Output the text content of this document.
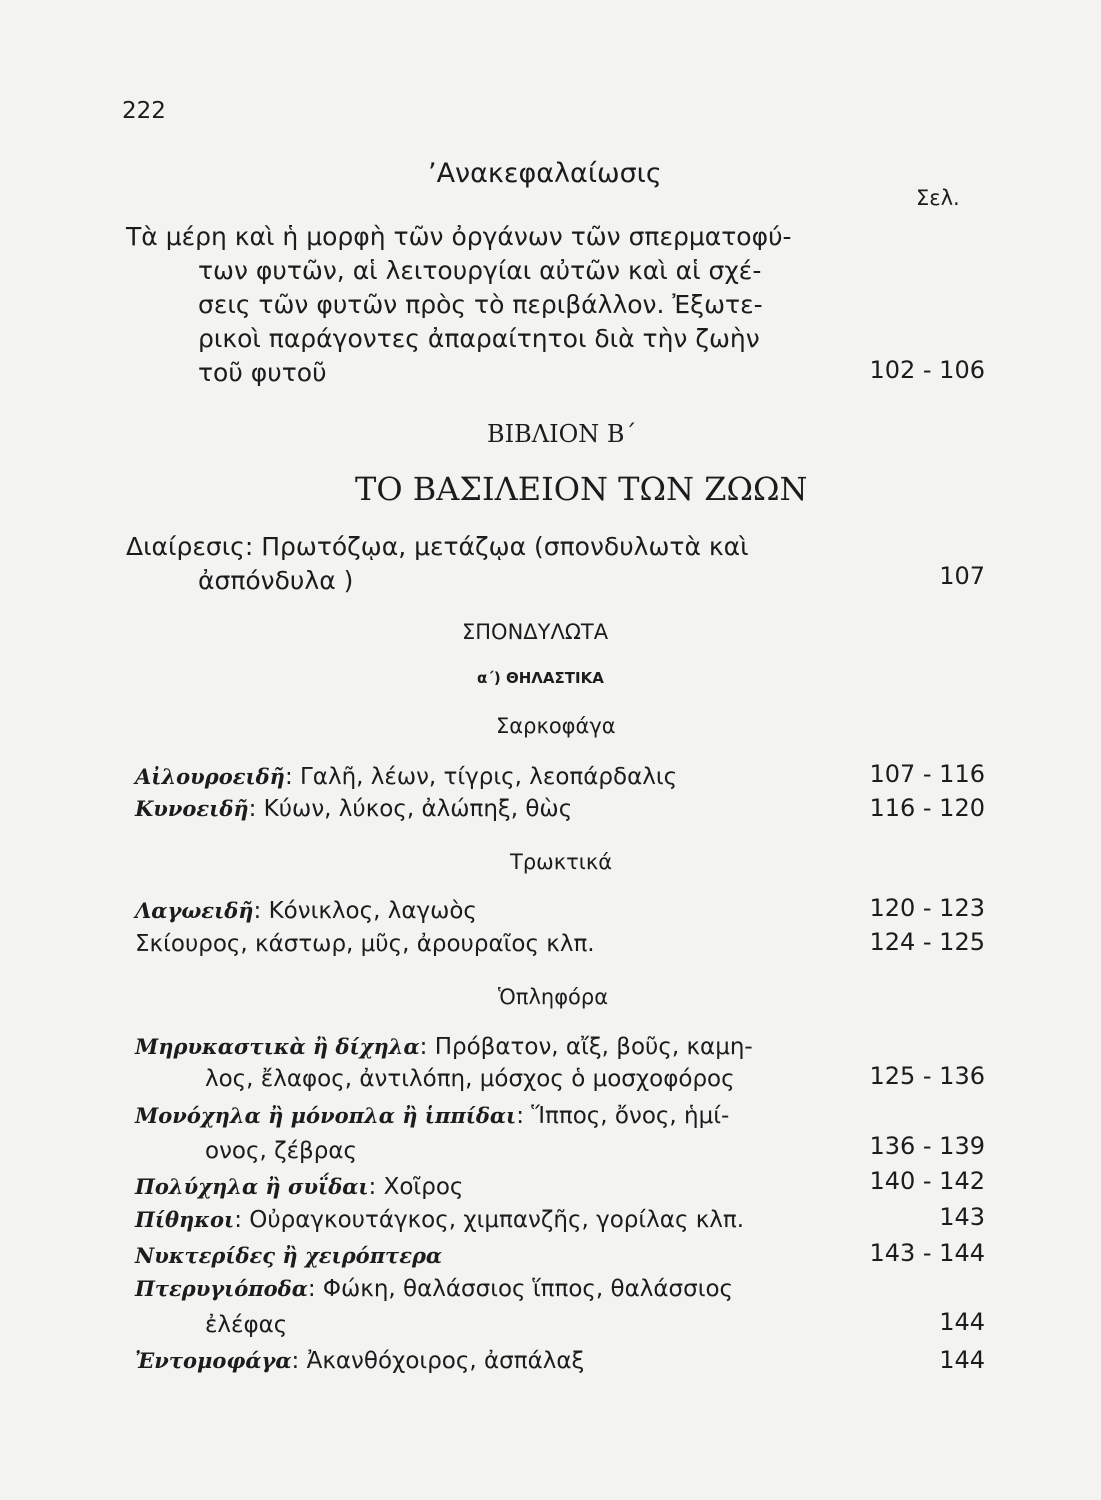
222
ʼΑνακεφαλαίωσις
Σελ.
Τὰ μέρη καὶ ἡ μορφὴ τῶν ὀργάνων τῶν σπερματοφύ-
των φυτῶν, αἱ λειτουργίαι αὐτῶν καὶ αἱ σχέ-
σεις τῶν φυτῶν πρὸς τὸ περιβάλλον. Ἐξωτε-
ρικοὶ παράγοντες ἀπαραίτητοι διὰ τὴν ζωὴν
τοῦ φυτοῦ	102 - 106
ΒΙΒΛΙΟΝ Β΄
ΤΟ ΒΑΣΙΛΕΙΟΝ ΤΩΝ ΖΩΩΝ
Διαίρεσις: Πρωτόζῳα, μετάζῳα (σπονδυλωτὰ καὶ
ἀσπόνδυλα )	107
ΣΠΟΝΔΥΛΩΤΑ
α΄) ΘΗΛΑΣΤΙΚΑ
Σαρκοφάγα
Αἰλουροειδῆ: Γαλῆ, λέων, τίγρις, λεοπάρδαλις	107 - 116
Κυνοειδῆ: Κύων, λύκος, ἀλώπηξ, θὼς	116 - 120
Τρωκτικά
Λαγωειδῆ: Κόνικλος, λαγωὸς	120 - 123
Σκίουρος, κάστωρ, μῦς, ἀρουραῖος κλπ.	124 - 125
Ὁπληφόρα
Μηρυκαστικὰ ἢ δίχηλα: Πρόβατον, αἴξ, βοῦς, καμη-
λος, ἔλαφος, ἀντιλόπη, μόσχος ὁ μοσχοφόρος	125 - 136
Μονόχηλα ἢ μόνοπλα ἢ ἱππίδαι: Ἵππος, ὄνος, ἡμί-
ονος, ζέβρας	136 - 139
Πολύχηλα ἢ συΐδαι: Χοῖρος	140 - 142
Πίθηκοι: Οὐραγκουτάγκος, χιμπανζῆς, γορίλας κλπ.	143
Νυκτερίδες ἢ χειρόπτερα	143 - 144
Πτερυγιόποδα: Φώκη, θαλάσσιος ἵππος, θαλάσσιος
ἐλέφας	144
Ἐντομοφάγα: Ἀκανθόχοιρος, ἀσπάλαξ	144
